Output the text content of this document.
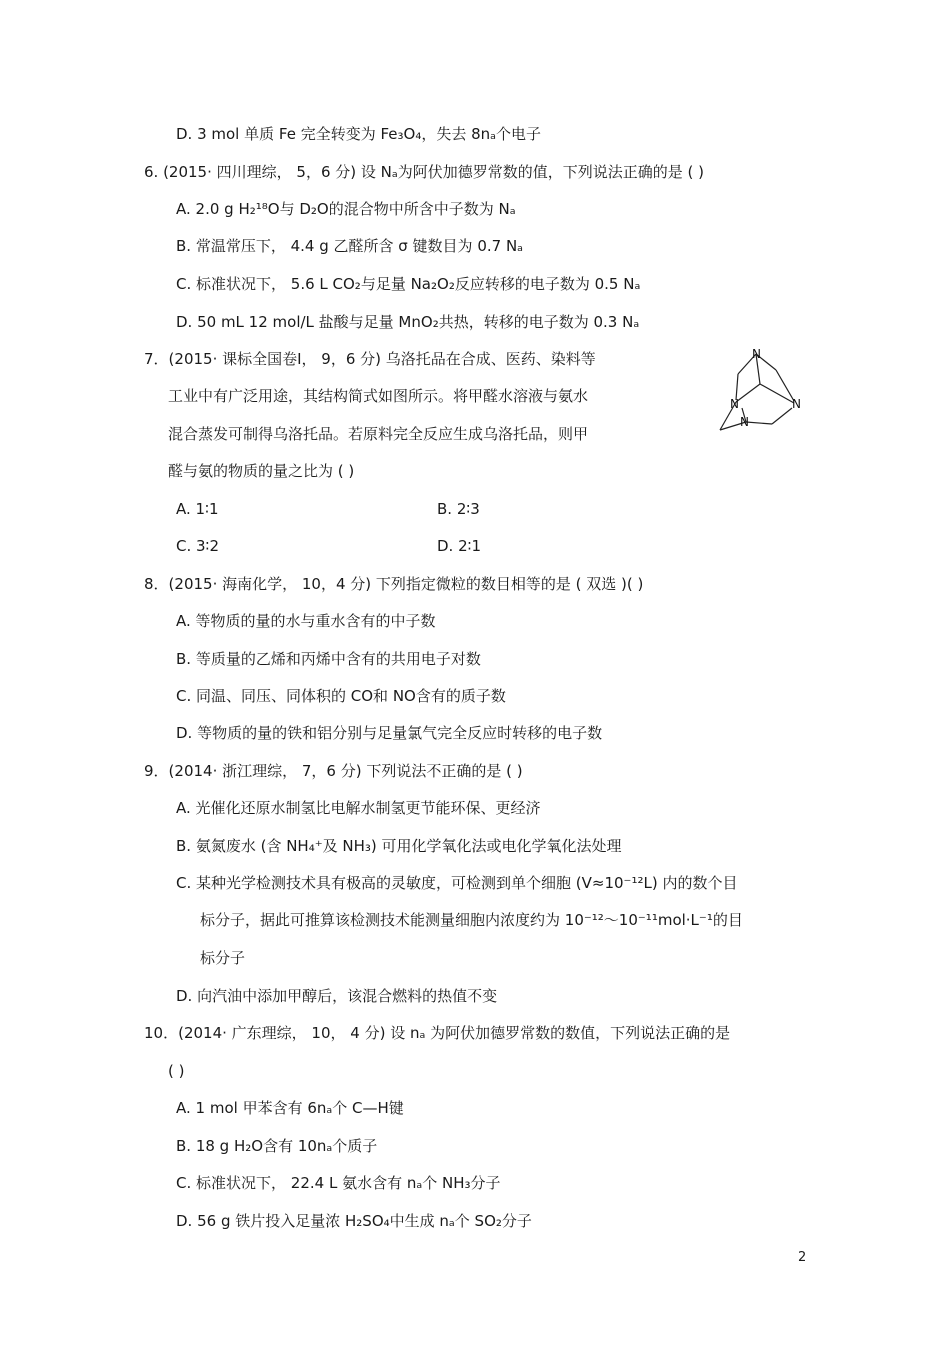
D. 3 mol 单质 Fe 完全转变为 Fe₃O₄，失去 8nₐ个电子
6. (2015· 四川理综， 5，6 分) 设 Nₐ为阿伏加德罗常数的值，下列说法正确的是 ( )
A. 2.0 g H₂¹⁸O与 D₂O的混合物中所含中子数为 Nₐ
B. 常温常压下， 4.4 g 乙醛所含 σ 键数目为 0.7 Nₐ
C. 标准状况下， 5.6 L CO₂与足量 Na₂O₂反应转移的电子数为 0.5 Nₐ
D. 50 mL 12 mol/L 盐酸与足量 MnO₂共热，转移的电子数为 0.3 Nₐ
7．(2015· 课标全国卷Ⅰ， 9，6 分) 乌洛托品在合成、医药、染料等
工业中有广泛用途，其结构简式如图所示。将甲醛水溶液与氨水
混合蒸发可制得乌洛托品。若原料完全反应生成乌洛托品，则甲
醛与氨的物质的量之比为 ( )
A. 1∶1	B. 2∶3
C. 3∶2	D. 2∶1
8．(2015· 海南化学， 10，4 分) 下列指定微粒的数目相等的是 ( 双选 )( )
A. 等物质的量的水与重水含有的中子数
B. 等质量的乙烯和丙烯中含有的共用电子对数
C. 同温、同压、同体积的 CO和 NO含有的质子数
D. 等物质的量的铁和铝分别与足量氯气完全反应时转移的电子数
9．(2014· 浙江理综， 7，6 分) 下列说法不正确的是 ( )
A. 光催化还原水制氢比电解水制氢更节能环保、更经济
B. 氨氮废水 (含 NH₄⁺及 NH₃) 可用化学氧化法或电化学氧化法处理
C. 某种光学检测技术具有极高的灵敏度，可检测到单个细胞 (V≈10⁻¹²L) 内的数个目
标分子，据此可推算该检测技术能测量细胞内浓度约为 10⁻¹²～10⁻¹¹mol·L⁻¹的目
标分子
D. 向汽油中添加甲醇后，该混合燃料的热值不变
10．(2014· 广东理综， 10， 4 分) 设 nₐ 为阿伏加德罗常数的数值，下列说法正确的是
( )
A. 1 mol 甲苯含有 6nₐ个 C—H键
B. 18 g H₂O含有 10nₐ个质子
C. 标准状况下， 22.4 L 氨水含有 nₐ个 NH₃分子
D. 56 g 铁片投入足量浓 H₂SO₄中生成 nₐ个 SO₂分子
N
N	N
N
2
